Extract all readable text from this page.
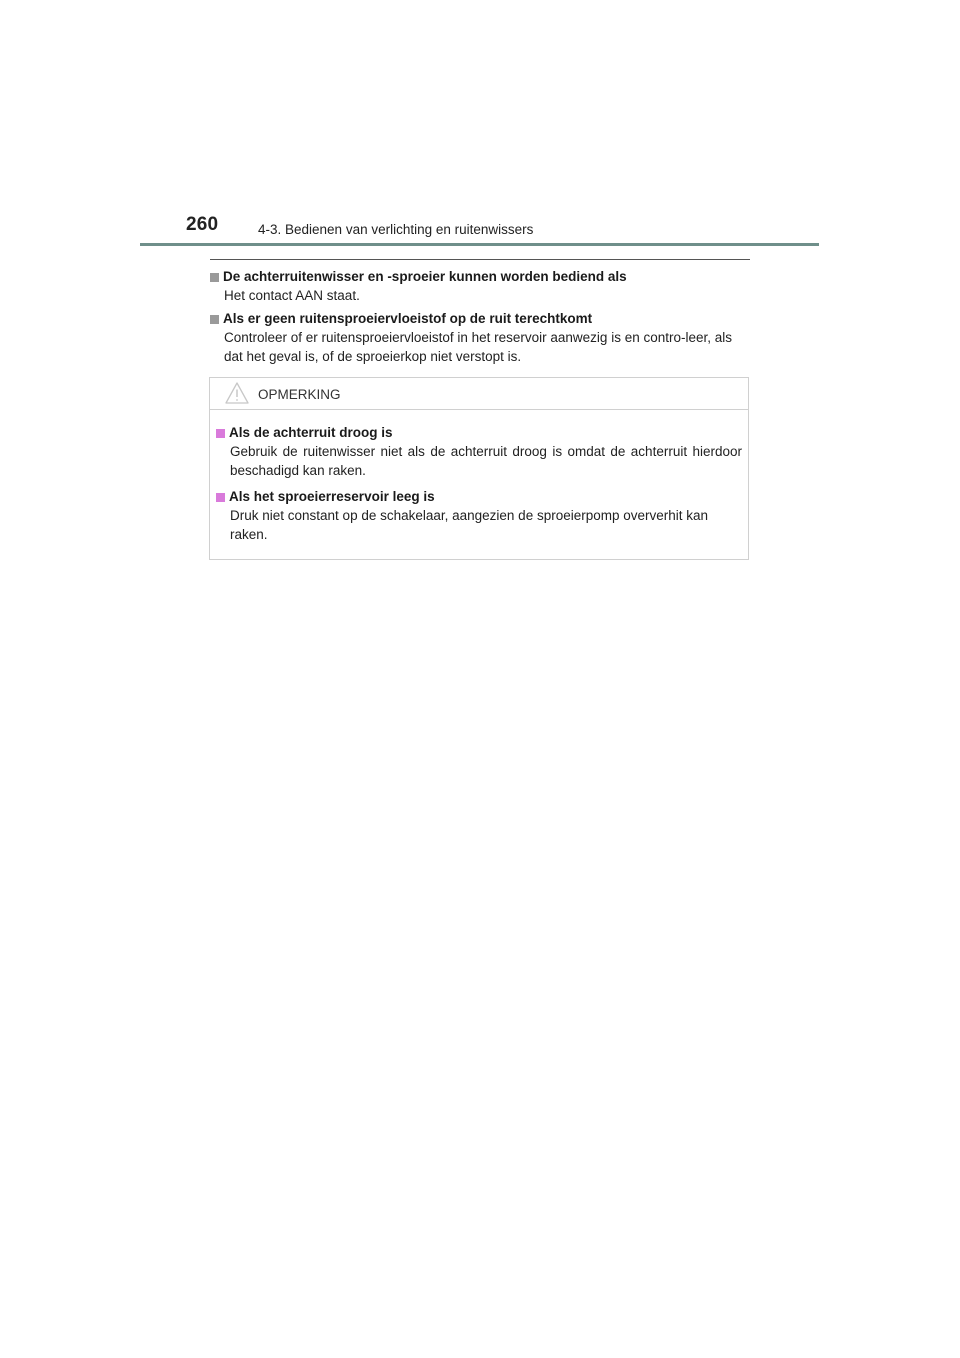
260	4-3. Bedienen van verlichting en ruitenwissers
De achterruitenwisser en -sproeier kunnen worden bediend als
Het contact AAN staat.
Als er geen ruitensproeiervloeistof op de ruit terechtkomt
Controleer of er ruitensproeiervloeistof in het reservoir aanwezig is en contro-leer, als dat het geval is, of de sproeierkop niet verstopt is.
OPMERKING
Als de achterruit droog is
Gebruik de ruitenwisser niet als de achterruit droog is omdat de achterruit hierdoor beschadigd kan raken.
Als het sproeierreservoir leeg is
Druk niet constant op de schakelaar, aangezien de sproeierpomp oververhit kan raken.
